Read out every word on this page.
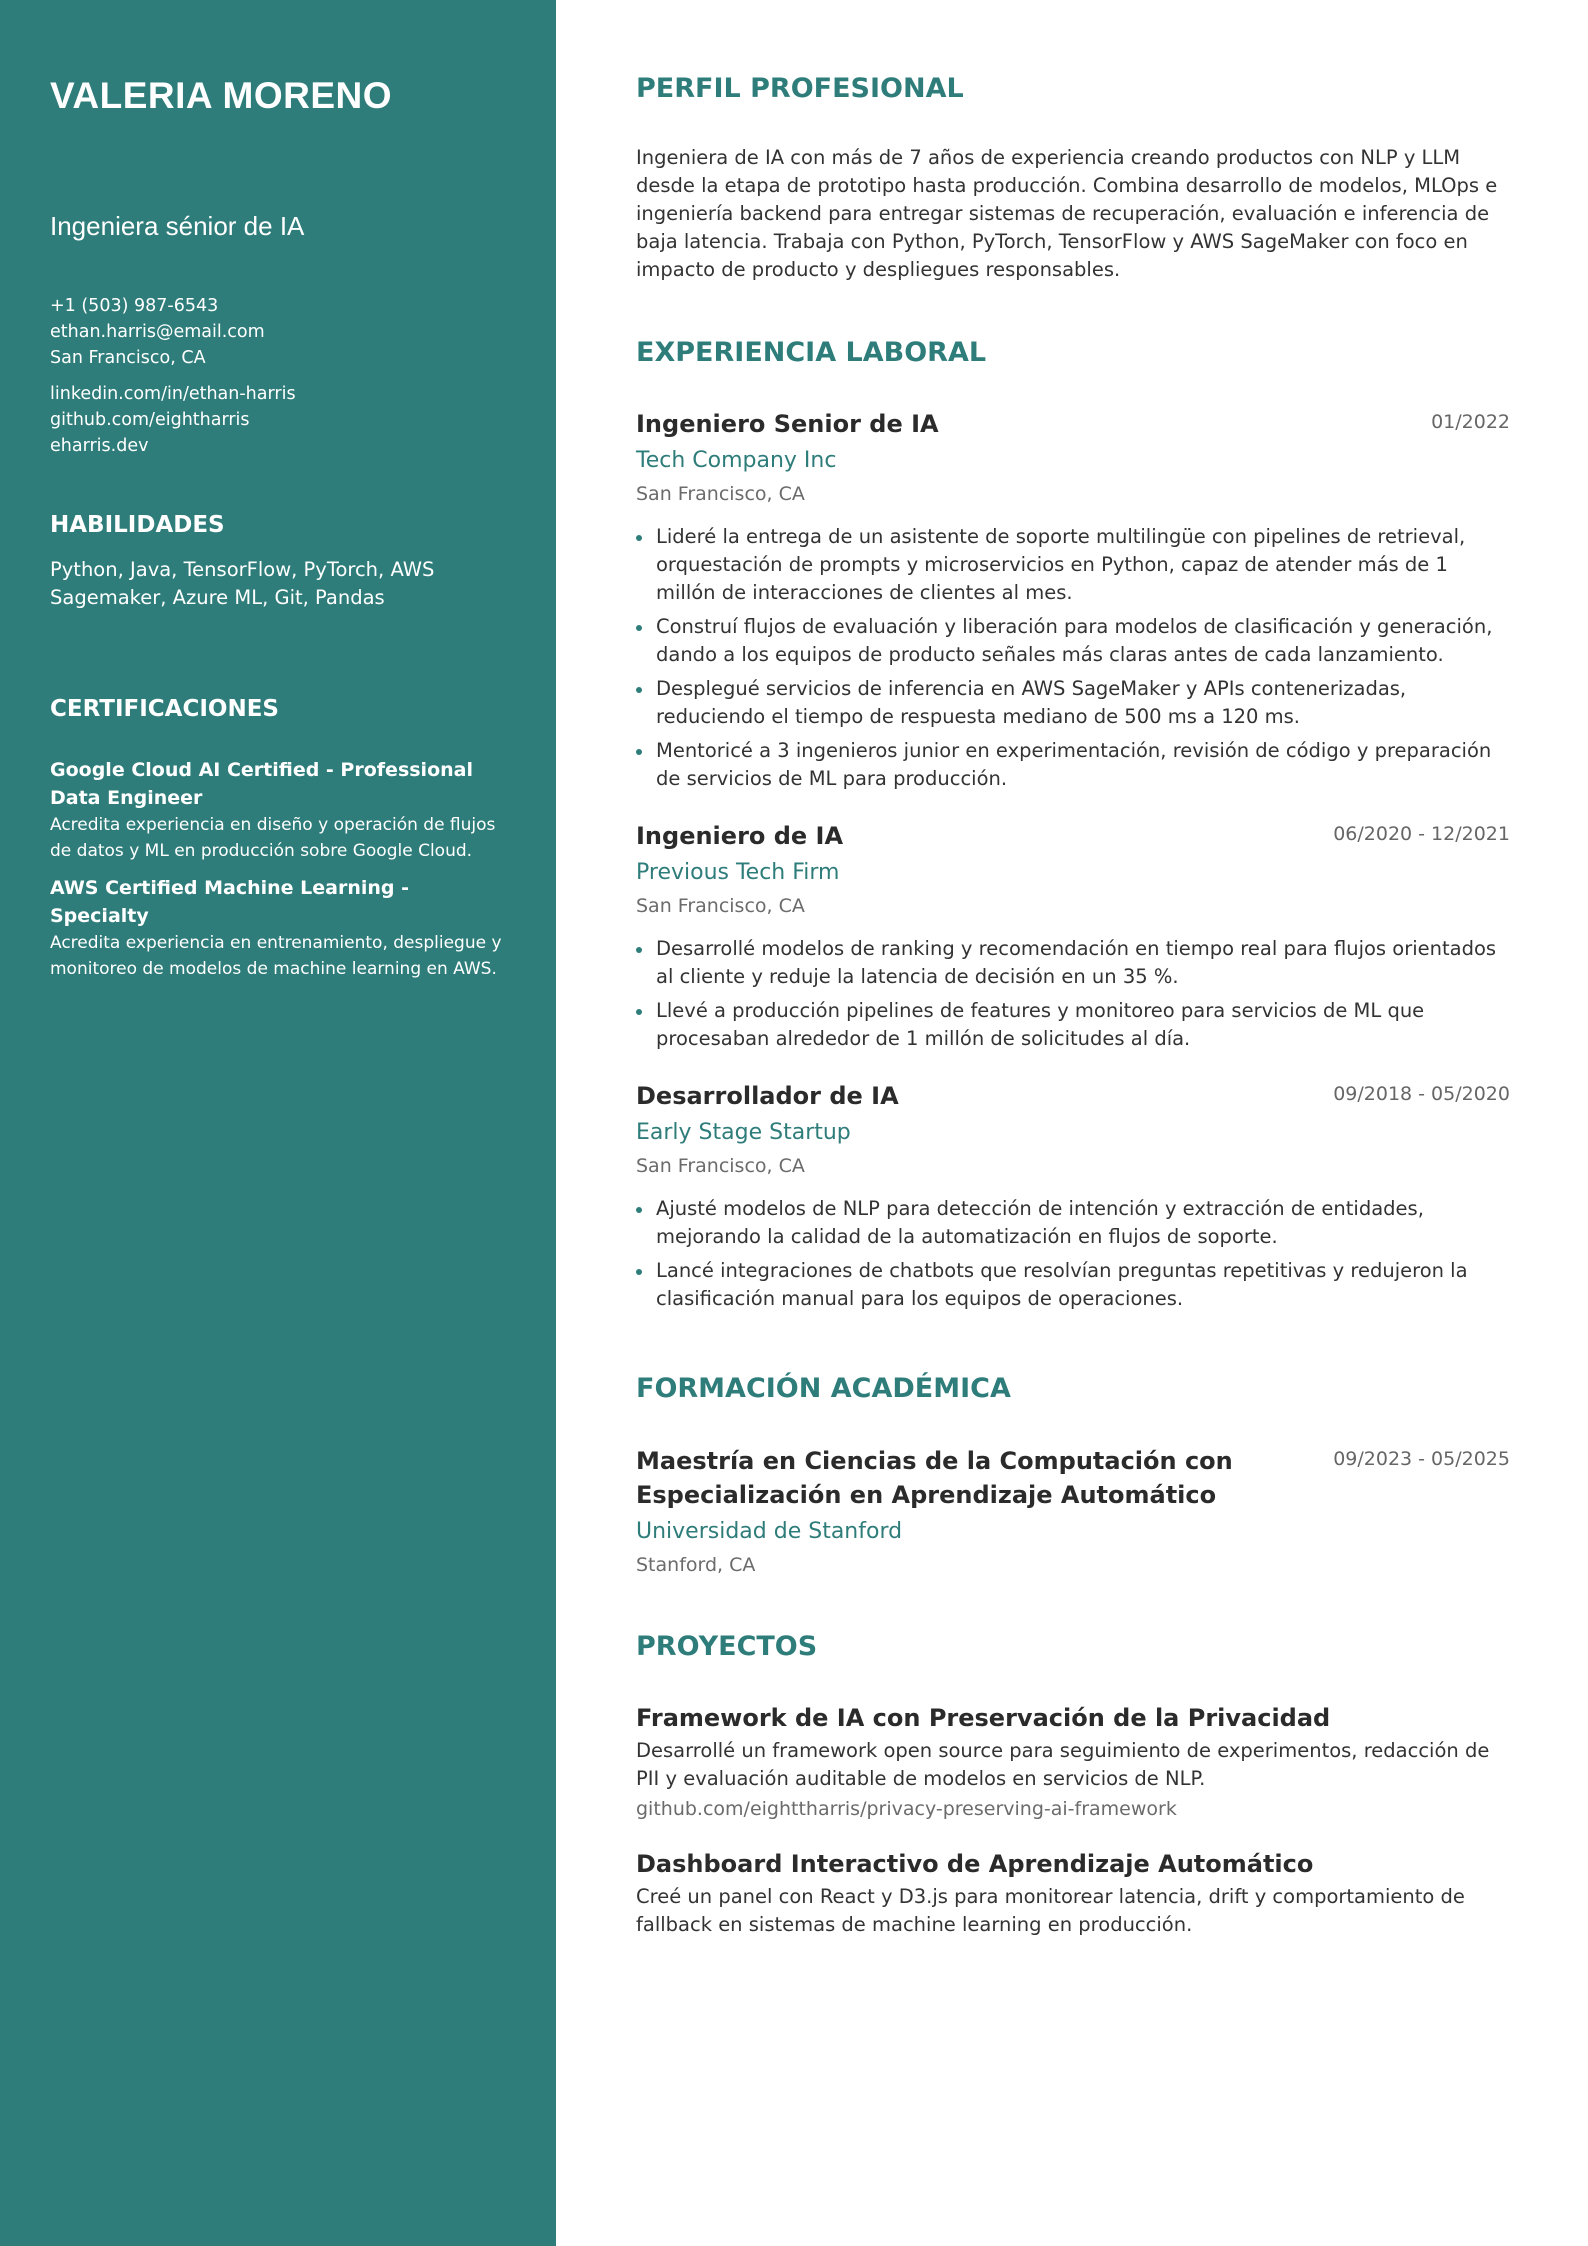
VALERIA MORENO
Ingeniera sénior de IA
+1 (503) 987-6543
ethan.harris@email.com
San Francisco, CA
linkedin.com/in/ethan-harris
github.com/eightharris
eharris.dev
HABILIDADES
Python, Java, TensorFlow, PyTorch, AWS Sagemaker, Azure ML, Git, Pandas
CERTIFICACIONES
Google Cloud AI Certified - Professional Data Engineer
Acredita experiencia en diseño y operación de flujos de datos y ML en producción sobre Google Cloud.
AWS Certified Machine Learning - Specialty
Acredita experiencia en entrenamiento, despliegue y monitoreo de modelos de machine learning en AWS.
PERFIL PROFESIONAL
Ingeniera de IA con más de 7 años de experiencia creando productos con NLP y LLM desde la etapa de prototipo hasta producción. Combina desarrollo de modelos, MLOps e ingeniería backend para entregar sistemas de recuperación, evaluación e inferencia de baja latencia. Trabaja con Python, PyTorch, TensorFlow y AWS SageMaker con foco en impacto de producto y despliegues responsables.
EXPERIENCIA LABORAL
Ingeniero Senior de IA	01/2022
Tech Company Inc
San Francisco, CA
Lideré la entrega de un asistente de soporte multilingüe con pipelines de retrieval, orquestación de prompts y microservicios en Python, capaz de atender más de 1 millón de interacciones de clientes al mes.
Construí flujos de evaluación y liberación para modelos de clasificación y generación, dando a los equipos de producto señales más claras antes de cada lanzamiento.
Desplegué servicios de inferencia en AWS SageMaker y APIs contenerizadas, reduciendo el tiempo de respuesta mediano de 500 ms a 120 ms.
Mentoricé a 3 ingenieros junior en experimentación, revisión de código y preparación de servicios de ML para producción.
Ingeniero de IA	06/2020 - 12/2021
Previous Tech Firm
San Francisco, CA
Desarrollé modelos de ranking y recomendación en tiempo real para flujos orientados al cliente y reduje la latencia de decisión en un 35 %.
Llevé a producción pipelines de features y monitoreo para servicios de ML que procesaban alrededor de 1 millón de solicitudes al día.
Desarrollador de IA	09/2018 - 05/2020
Early Stage Startup
San Francisco, CA
Ajusté modelos de NLP para detección de intención y extracción de entidades, mejorando la calidad de la automatización en flujos de soporte.
Lancé integraciones de chatbots que resolvían preguntas repetitivas y redujeron la clasificación manual para los equipos de operaciones.
FORMACIÓN ACADÉMICA
Maestría en Ciencias de la Computación con Especialización en Aprendizaje Automático
09/2023 - 05/2025
Universidad de Stanford
Stanford, CA
PROYECTOS
Framework de IA con Preservación de la Privacidad
Desarrollé un framework open source para seguimiento de experimentos, redacción de PII y evaluación auditable de modelos en servicios de NLP.
github.com/eighttharris/privacy-preserving-ai-framework
Dashboard Interactivo de Aprendizaje Automático
Creé un panel con React y D3.js para monitorear latencia, drift y comportamiento de fallback en sistemas de machine learning en producción.
